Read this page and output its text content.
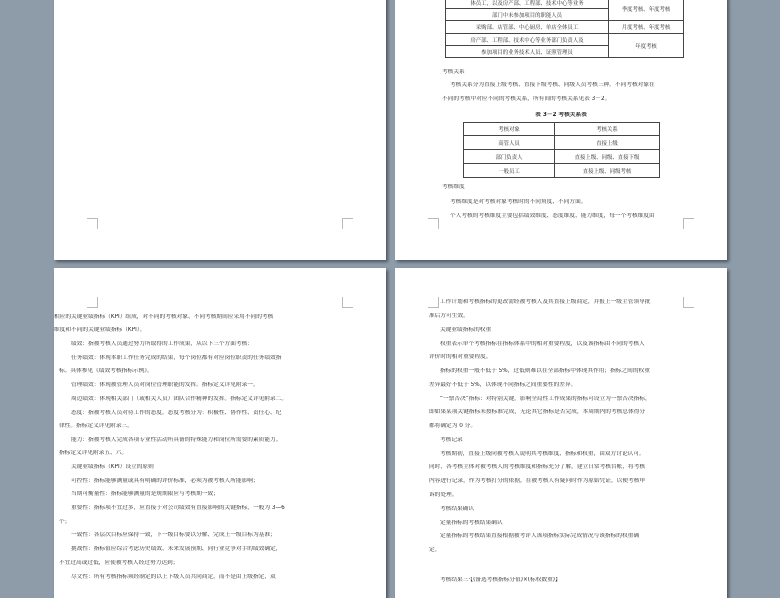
体员工，以及房产部、工程部、技术中心等业务	季度考核、年度考核
部门中未参加项目的职能人员	
采购部、店管部、中心厨房、单店全体员工	月度考核、年度考核
房产部、工程部、技术中心等业务部门负责人及	年度考核
参加项目的业务技术人员、证照管理员	
考核关系
考核关系分为直接上级考核、直接下级考核、同级人员考核三种。不同考核对象在
不同的考核中对应不同的考核关系，所有间的考核关系见表 3－2。
表 3－2 考核关系表
考核对象	考核关系
高管人员	直接上级
部门负责人	直接上级、同级、直接下级
一般员工	直接上级、同级考核
考核维度
考核维度是对考核对象考核时的不同角度、不同方面。
个人考核的考核维度主要包括绩效维度、态度维度、能力维度，每一个考核维度由
相应的关键业绩指标（KPI）组成，对不同的考核对象、不同考核期间应采用不同的考核
维度和不同的关键业绩指标（KPI）。
绩效：指被考核人员通过努力所取得的工作成果，从以下三个方面考核：
任务绩效：体现本职工作任务完成的结果，每个岗位都有对应岗位职责的任务绩效指
标。具体参见《绩效考核指标示例》。
管理绩效：体现被管理人员对岗位管理职能的发挥。指标定义详见附录一。
周边绩效：体现相关部门（或相关人员）团队合作精神的发挥。指标定义详见附录二。
态度：指被考核人员对待工作的态度。态度考核分为：积极性、协作性、责任心、纪
律性。指标定义详见附录三。
能力：指被考核人完成各项专业性活动所具备的特殊能力和岗位所需要的素质能力。
指标定义详见附录五、六。
关键业绩指标（KPI）设立的原则
可控性：指标能够测量或具有明确的评价标准，必须为被考核人所能影响；
当期可衡量性：指标能够测量的是规期限应与考核期一致；
重要性：指标项不宜过多，应直接于对公司绩效有直接影响的关键指标，一般为 3—6
个；
一致性：各层次目标应保持一致，下一级目标要以分解、完成上一级目标为基准；
挑战性：指标值应综合考虑历史绩效、未来发展预期、同行业竞争对手的绩效确定，
不宜过高或过低，应使被考核人经过努力达到；
尽文性：所有考核指标须经制定的以上下级人员共同商定，而不是由上级指定，双
工作计划和考核指标的更改需经被考核人及其直接上级商定，并报上一级主管领导批
准后方可生效。
关键业绩指标的权重
权重表示单个考核指标在指标体系中的相对重要程度，以及该指标由不同的考核人
评价时的相对重要程度。
指标的权重一般不低于 5%，过低则难以在全部指标中体现其作用；指标之间的权重
差异最好不低于 5%，以体现不同指标之间重要性的差异。
“一票否决”指标：对特别关键，影响全局性工作成果的指标可设立为一票否决指标，
即如果某项关键指标未按标准完成，无论其它指标是否完成，本周期内的考核总体得分
都将确定为 0 分。
考核记录
考核期初，直接上级向被考核人说明其考核维度、指标和权重，由双方讨论认可。
同时，各考核主体对被考核人的考核维度和指标充分了解，建立日常考核台帐，将考核
内容进行记录，作为考核打分的依据，在被考核人有疑问时作为原始凭证，以便考核申
诉的处理。
考核结果确认
定量指标的考核结果确认
定量指标的考核结果直接根据被考评人该项指标实际完成情况与该指标的权重确
定。
考核结果三·【(备选考核指标分值)×(标权数重)】
